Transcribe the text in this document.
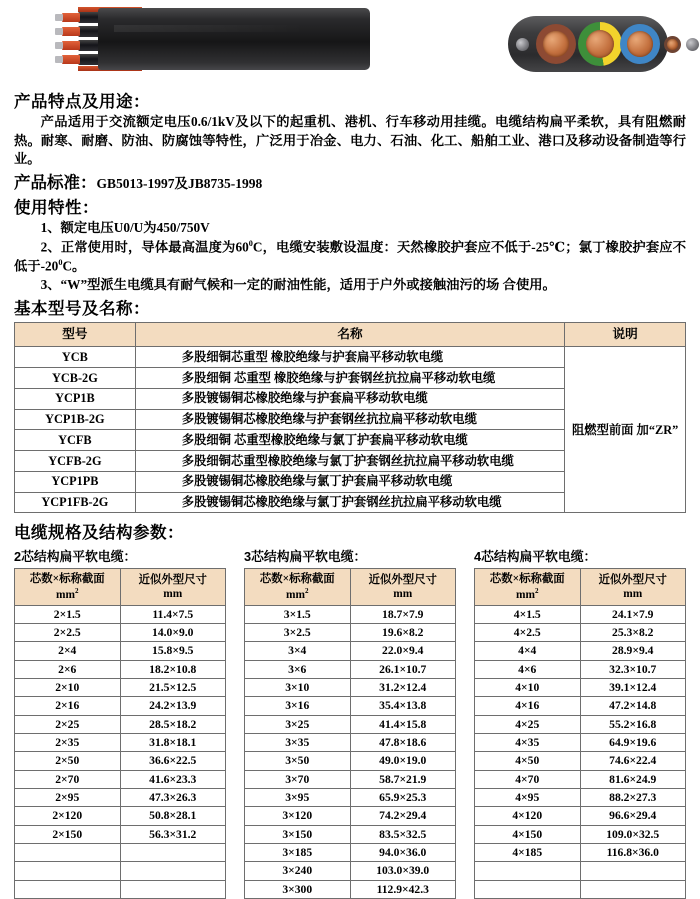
产品特点及用途：

产品适用于交流额定电压0.6/1kV及以下的起重机、港机、行车移动用挂缆。电缆结构扁平柔软，具有阻燃耐热。耐寒、耐磨、防油、防腐蚀等特性，广泛用于冶金、电力、石油、化工、船舶工业、港口及移动设备制造等行业。

产品标准：GB5013-1997及JB8735-1998
使用特性：

1、额定电压U0/U为450/750V

2、正常使用时，导体最高温度为$60^0C$，电缆安装敷设温度：天然橡胶护套应不低于-25℃；氯丁橡胶护套应不低于$-20^0C$。

3、“W”型派生电缆具有耐气候和一定的耐油性能，适用于户外或接触油污的场 合使用。

基本型号及名称：
型号	名称	说明
YCB	多股细铜芯重型 橡胶绝缘与护套扁平移动软电缆	阻燃型前面 加“ZR”
YCB-2G	多股细铜 芯重型 橡胶绝缘与护套钢丝抗拉扁平移动软电缆	
YCP1B	多股镀锡铜芯橡胶绝缘与护套扁平移动软电缆	
YCP1B-2G	多股镀锡铜芯橡胶绝缘与护套钢丝抗拉扁平移动软电缆	
YCFB	多股细铜 芯重型橡胶绝缘与氯丁护套扁平移动软电缆	
YCFB-2G	多股细铜芯重型橡胶绝缘与氯丁护套钢丝抗拉扁平移动软电缆	
YCP1PB	多股镀锡铜芯橡胶绝缘与氯丁护套扁平移动软电缆	
YCP1FB-2G	多股镀锡铜芯橡胶绝缘与氯丁护套钢丝抗拉扁平移动软电缆	
电缆规格及结构参数：
2芯结构扁平软电缆：
芯数×标称截面
$mm^2$	近似外型尺寸
mm
2×1.5	11.4×7.5
2×2.5	14.0×9.0
2×4	15.8×9.5
2×6	18.2×10.8
2×10	21.5×12.5
2×16	24.2×13.9
2×25	28.5×18.2
2×35	31.8×18.1
2×50	36.6×22.5
2×70	41.6×23.3
2×95	47.3×26.3
2×120	50.8×28.1
2×150	56.3×31.2

3芯结构扁平软电缆：
芯数×标称截面
$mm^2$	近似外型尺寸
mm
3×1.5	18.7×7.9
3×2.5	19.6×8.2
3×4	22.0×9.4
3×6	26.1×10.7
3×10	31.2×12.4
3×16	35.4×13.8
3×25	41.4×15.8
3×35	47.8×18.6
3×50	49.0×19.0
3×70	58.7×21.9
3×95	65.9×25.3
3×120	74.2×29.4
3×150	83.5×32.5
3×185	94.0×36.0
3×240	103.0×39.0
3×300	112.9×42.3
4芯结构扁平软电缆：
芯数×标称截面
$mm^2$	近似外型尺寸
mm
4×1.5	24.1×7.9
4×2.5	25.3×8.2
4×4	28.9×9.4
4×6	32.3×10.7
4×10	39.1×12.4
4×16	47.2×14.8
4×25	55.2×16.8
4×35	64.9×19.6
4×50	74.6×22.4
4×70	81.6×24.9
4×95	88.2×27.3
4×120	96.6×29.4
4×150	109.0×32.5
4×185	116.8×36.0
